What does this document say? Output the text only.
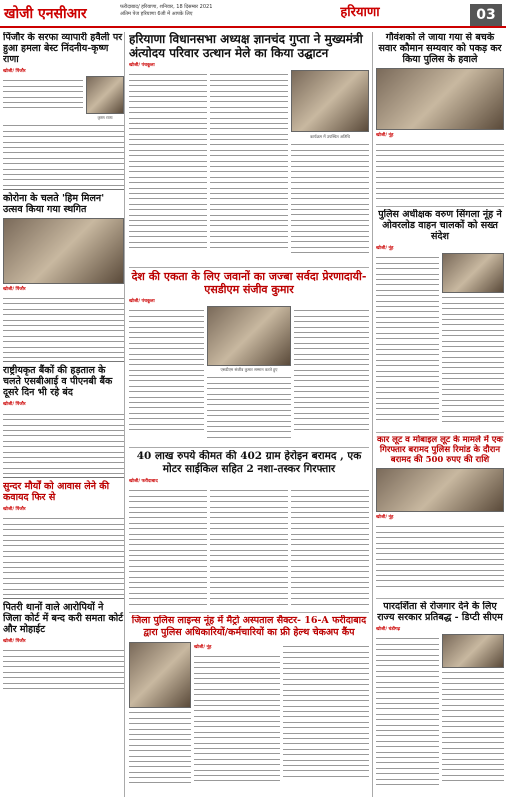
खोजी एनसीआर	फरीदाबाद/ हरियाणा, शनिवार, 18 दिसम्बर 2021
अंतिम पेज हरियाणा 6जी में आपके लिए	हरियाणा	03
पिंजौर के सरफा व्यापारी हवैली पर हुआ हमला बेस्ट निंदनीय-कृष्ण राणा
खोजी/ पिंजौर
कृष्ण राणा
कोरोना के चलते 'हिम मिलन' उत्सव किया गया स्थगित
खोजी/ पिंजौर
राष्ट्रीयकृत बैंकों की हड़ताल के चलते एसबीआई व पीएनबी बैंक दूसरे दिन भी रहे बंद
खोजी/ पिंजौर
सुन्दर मौर्यों को आवास लेने की कवायद फिर से
खोजी/ पिंजौर
पितरी थानों वाले आरोपियों ने जिला कोर्ट में बन्द करी समता कोर्ट और मोहाईट
खोजी/ पिंजौर
हरियाणा विधानसभा अध्यक्ष ज्ञानचंद गुप्ता ने मुख्यमंत्री अंत्योदय परिवार उत्थान मेले का किया उद्घाटन
खोजी/ पंचकूला
कार्यक्रम में उपस्थित अतिथि
देश की एकता के लिए जवानों का जज्बा सर्वदा प्रेरणादायी-एसडीएम संजीव कुमार
खोजी/ पंचकूला
एसडीएम संजीव कुमार सम्मान करते हुए
40 लाख रुपये कीमत की 402 ग्राम हेरोइन बरामद , एक मोटर साईकिल सहित 2 नशा-तस्कर गिरफ्तार
खोजी/ फरीदाबाद
जिला पुलिस लाइन्स नूंह में मैट्रो अस्पताल सैक्टर- 16-A फरीदाबाद द्वारा पुलिस अधिकारियों/कर्मचारियों का फ्री हेल्थ चेकअप कैंप
खोजी/ नूंह
गौवंशको ले जाया गया से बचके सवार कौमान सम्यवार को पकड़ कर किया पुलिस के हवाले
खोजी/ नूंह
पुलिस अधीक्षक वरुण सिंगला नूंह ने ओवरलोड वाहन चालकों को सख्त संदेश
खोजी/ नूंह
कार लूट व मोबाइल लूट के मामले में एक गिरफ्तार बरामद पुलिस रिमांड के दौरान बरामद की 500 रुपए की राशि
खोजी/ नूंह
पारदर्शिता से रोजगार देने के लिए राज्य सरकार प्रतिबद्ध - डिप्टी सीएम
खोजी/ चंडीगढ़
